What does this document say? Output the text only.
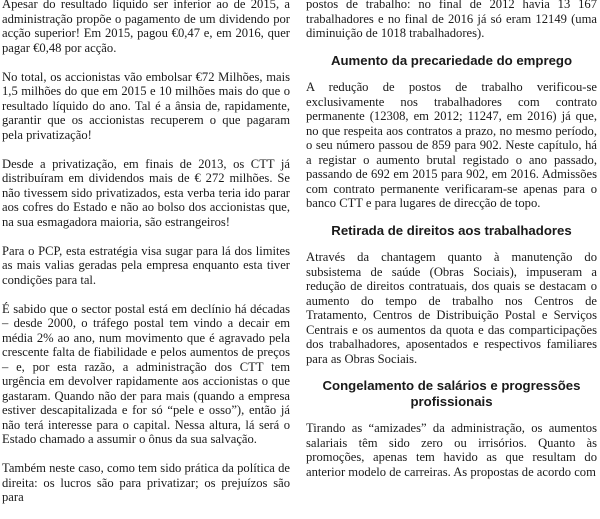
Apesar do resultado líquido ser inferior ao de 2015, a administração propõe o pagamento de um dividendo por acção superior! Em 2015, pagou €0,47 e, em 2016, quer pagar €0,48 por acção.

No total, os accionistas vão embolsar €72 Milhões, mais 1,5 milhões do que em 2015 e 10 milhões mais do que o resultado líquido do ano. Tal é a ânsia de, rapidamente, garantir que os accionistas recuperem o que pagaram pela privatização!

Desde a privatização, em finais de 2013, os CTT já distribuíram em dividendos mais de € 272 milhões. Se não tivessem sido privatizados, esta verba teria ido parar aos cofres do Estado e não ao bolso dos accionistas que, na sua esmagadora maioria, são estrangeiros!

Para o PCP, esta estratégia visa sugar para lá dos limites as mais valias geradas pela empresa enquanto esta tiver condições para tal.

É sabido que o sector postal está em declínio há décadas – desde 2000, o tráfego postal tem vindo a decair em média 2% ao ano, num movimento que é agravado pela crescente falta de fiabilidade e pelos aumentos de preços – e, por esta razão, a administração dos CTT tem urgência em devolver rapidamente aos accionistas o que gastaram. Quando não der para mais (quando a empresa estiver descapitalizada e for só “pele e osso”), então já não terá interesse para o capital. Nessa altura, lá será o Estado chamado a assumir o ônus da sua salvação.

Também neste caso, como tem sido prática da política de direita: os lucros são para privatizar; os prejuízos são para

postos de trabalho: no final de 2012 havia 13 167 trabalhadores e no final de 2016 já só eram 12149 (uma diminuição de 1018 trabalhadores).

Aumento da precariedade do emprego

A redução de postos de trabalho verificou-se exclusivamente nos trabalhadores com contrato permanente (12308, em 2012; 11247, em 2016) já que, no que respeita aos contratos a prazo, no mesmo período, o seu número passou de 859 para 902. Neste capítulo, há a registar o aumento brutal registado o ano passado, passando de 692 em 2015 para 902, em 2016. Admissões com contrato permanente verificaram-se apenas para o banco CTT e para lugares de direcção de topo.

Retirada de direitos aos trabalhadores

Através da chantagem quanto à manutenção do subsistema de saúde (Obras Sociais), impuseram a redução de direitos contratuais, dos quais se destacam o aumento do tempo de trabalho nos Centros de Tratamento, Centros de Distribuição Postal e Serviços Centrais e os aumentos da quota e das comparticipações dos trabalhadores, aposentados e respectivos familiares para as Obras Sociais.

Congelamento de salários e progressões profissionais

Tirando as “amizades” da administração, os aumentos salariais têm sido zero ou irrisórios. Quanto às promoções, apenas tem havido as que resultam do anterior modelo de carreiras. As propostas de acordo com
